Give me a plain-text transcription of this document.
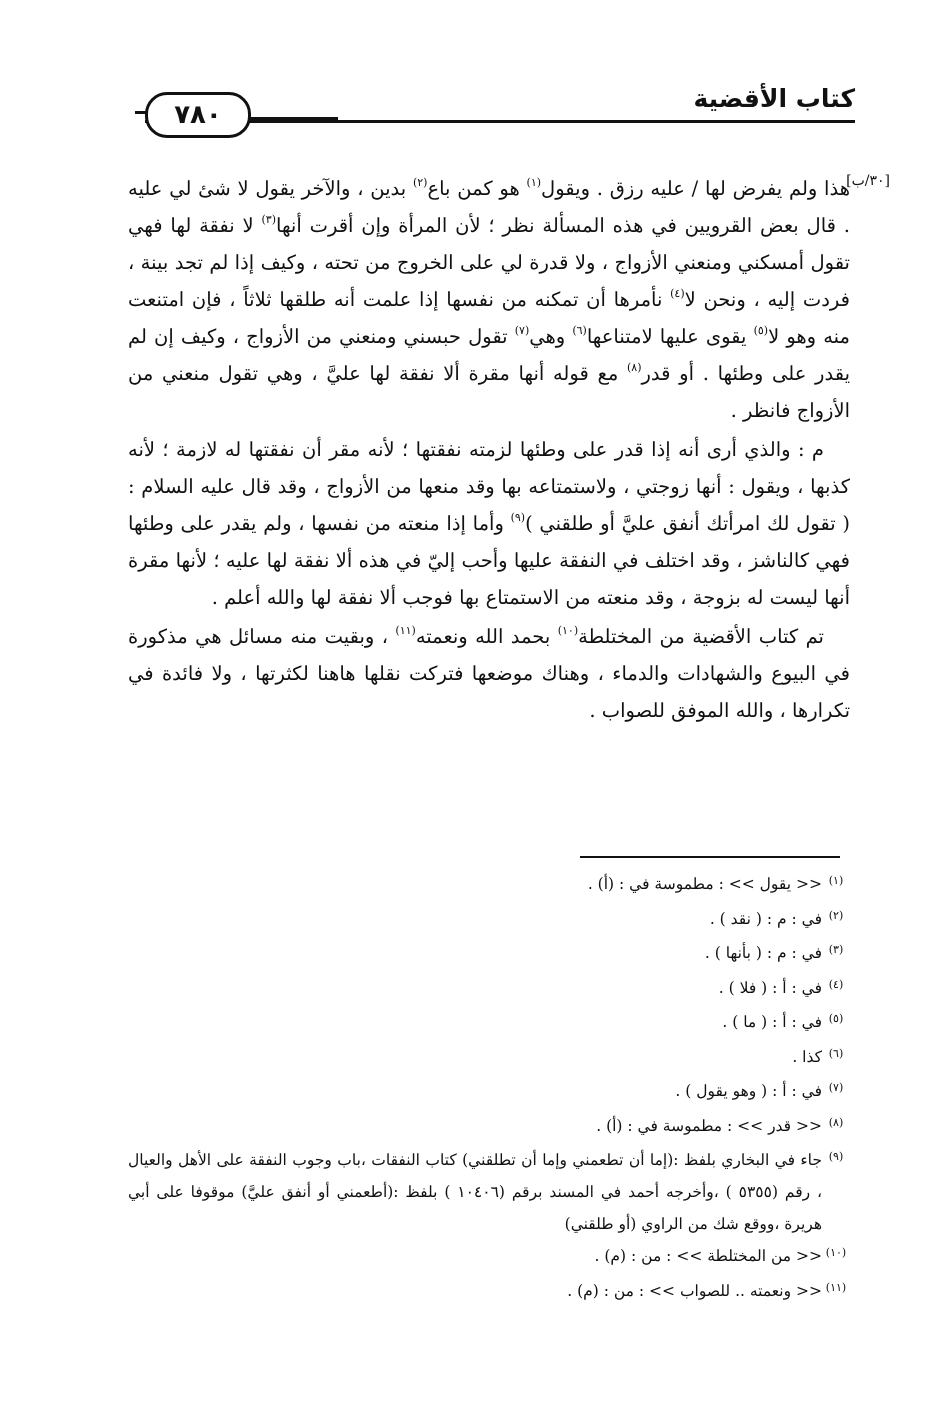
كتاب الأقضية
٧٨٠
[٣٠/ب]

هذا ولم يفرض لها / عليه رزق . ويقول$^{(١)}$ هو كمن باع$^{(٢)}$ بدين ، والآخر يقول لا شئ لي عليه . قال بعض القرويين في هذه المسألة نظر ؛ لأن المرأة وإن أقرت أنها$^{(٣)}$ لا نفقة لها فهي تقول أمسكني ومنعني الأزواج ، ولا قدرة لي على الخروج من تحته ، وكيف إذا لم تجد بينة ، فردت إليه ، ونحن لا$^{(٤)}$ نأمرها أن تمكنه من نفسها إذا علمت أنه طلقها ثلاثاً ، فإن امتنعت منه وهو لا$^{(٥)}$ يقوى عليها لامتناعها$^{(٦)}$ وهي$^{(٧)}$ تقول حبسني ومنعني من الأزواج ، وكيف إن لم يقدر على وطئها . أو قدر$^{(٨)}$ مع قوله أنها مقرة ألا نفقة لها عليَّ ، وهي تقول منعني من الأزواج فانظر .

م : والذي أرى أنه إذا قدر على وطئها لزمته نفقتها ؛ لأنه مقر أن نفقتها له لازمة ؛ لأنه كذبها ، ويقول : أنها زوجتي ، ولاستمتاعه بها وقد منعها من الأزواج ، وقد قال عليه السلام : ( تقول لك امرأتك أنفق عليَّ أو طلقني )$^{(٩)}$ وأما إذا منعته من نفسها ، ولم يقدر على وطئها فهي كالناشز ، وقد اختلف في النفقة عليها وأحب إليّ في هذه ألا نفقة لها عليه ؛ لأنها مقرة أنها ليست له بزوجة ، وقد منعته من الاستمتاع بها فوجب ألا نفقة لها والله أعلم .

تم كتاب الأقضية من المختلطة$^{(١٠)}$ بحمد الله ونعمته$^{(١١)}$ ، وبقيت منه مسائل هي مذكورة في البيوع والشهادات والدماء ، وهناك موضعها فتركت نقلها هاهنا لكثرتها ، ولا فائدة في تكرارها ، والله الموفق للصواب .

(١)
<< يقول >> : مطموسة في : (أ) .
(٢)
في : م : ( نقد ) .
(٣)
في : م : ( بأنها ) .
(٤)
في : أ : ( فلا ) .
(٥)
في : أ : ( ما ) .
(٦)
كذا .
(٧)
في : أ : ( وهو يقول ) .
(٨)
<< قدر >> : مطموسة في : (أ) .
(٩)
جاء في البخاري بلفظ :(إما أن تطعمني وإما أن تطلقني) كتاب النفقات ،باب وجوب النفقة على الأهل والعيال ، رقم (٥٣٥٥ ) ،وأخرجه أحمد في المسند برقم (١٠٤٠٦ ) بلفظ :(أطعمني أو أنفق عليَّ) موقوفا على أبي هريرة ،ووقع شك من الراوي (أو طلقني)
(١٠)
<< من المختلطة >> : من : (م) .
(١١)
<< ونعمته .. للصواب >> : من : (م) .
